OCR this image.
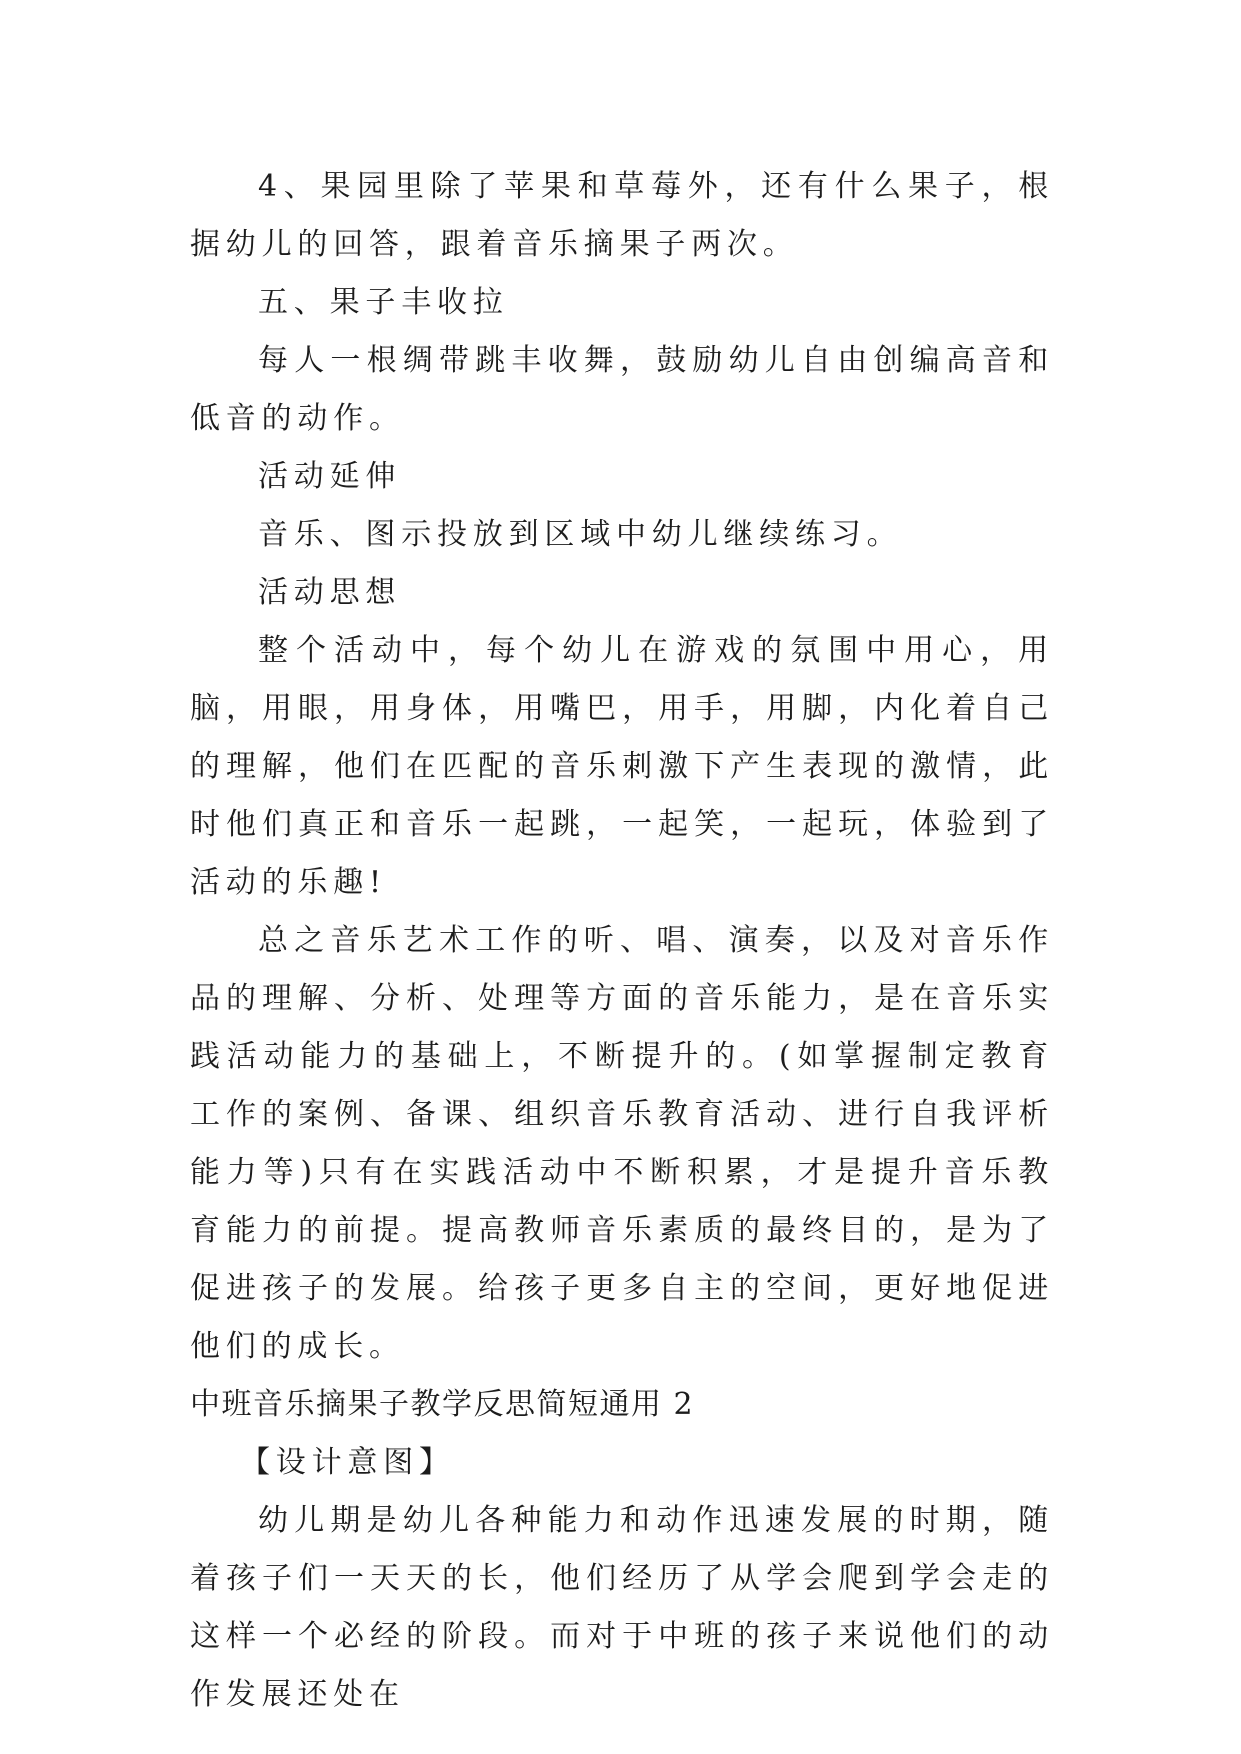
4、果园里除了苹果和草莓外，还有什么果子，根据幼儿的回答，跟着音乐摘果子两次。

五、果子丰收拉

每人一根绸带跳丰收舞，鼓励幼儿自由创编高音和低音的动作。

活动延伸

音乐、图示投放到区域中幼儿继续练习。

活动思想

整个活动中，每个幼儿在游戏的氛围中用心，用脑，用眼，用身体，用嘴巴，用手，用脚，内化着自己的理解，他们在匹配的音乐刺激下产生表现的激情，此时他们真正和音乐一起跳，一起笑，一起玩，体验到了活动的乐趣!

总之音乐艺术工作的听、唱、演奏，以及对音乐作品的理解、分析、处理等方面的音乐能力，是在音乐实践活动能力的基础上，不断提升的。(如掌握制定教育工作的案例、备课、组织音乐教育活动、进行自我评析能力等)只有在实践活动中不断积累，才是提升音乐教育能力的前提。提高教师音乐素质的最终目的，是为了促进孩子的发展。给孩子更多自主的空间，更好地促进他们的成长。

中班音乐摘果子教学反思简短通用 2

【设计意图】

幼儿期是幼儿各种能力和动作迅速发展的时期，随着孩子们一天天的长，他们经历了从学会爬到学会走的这样一个必经的阶段。而对于中班的孩子来说他们的动作发展还处在
